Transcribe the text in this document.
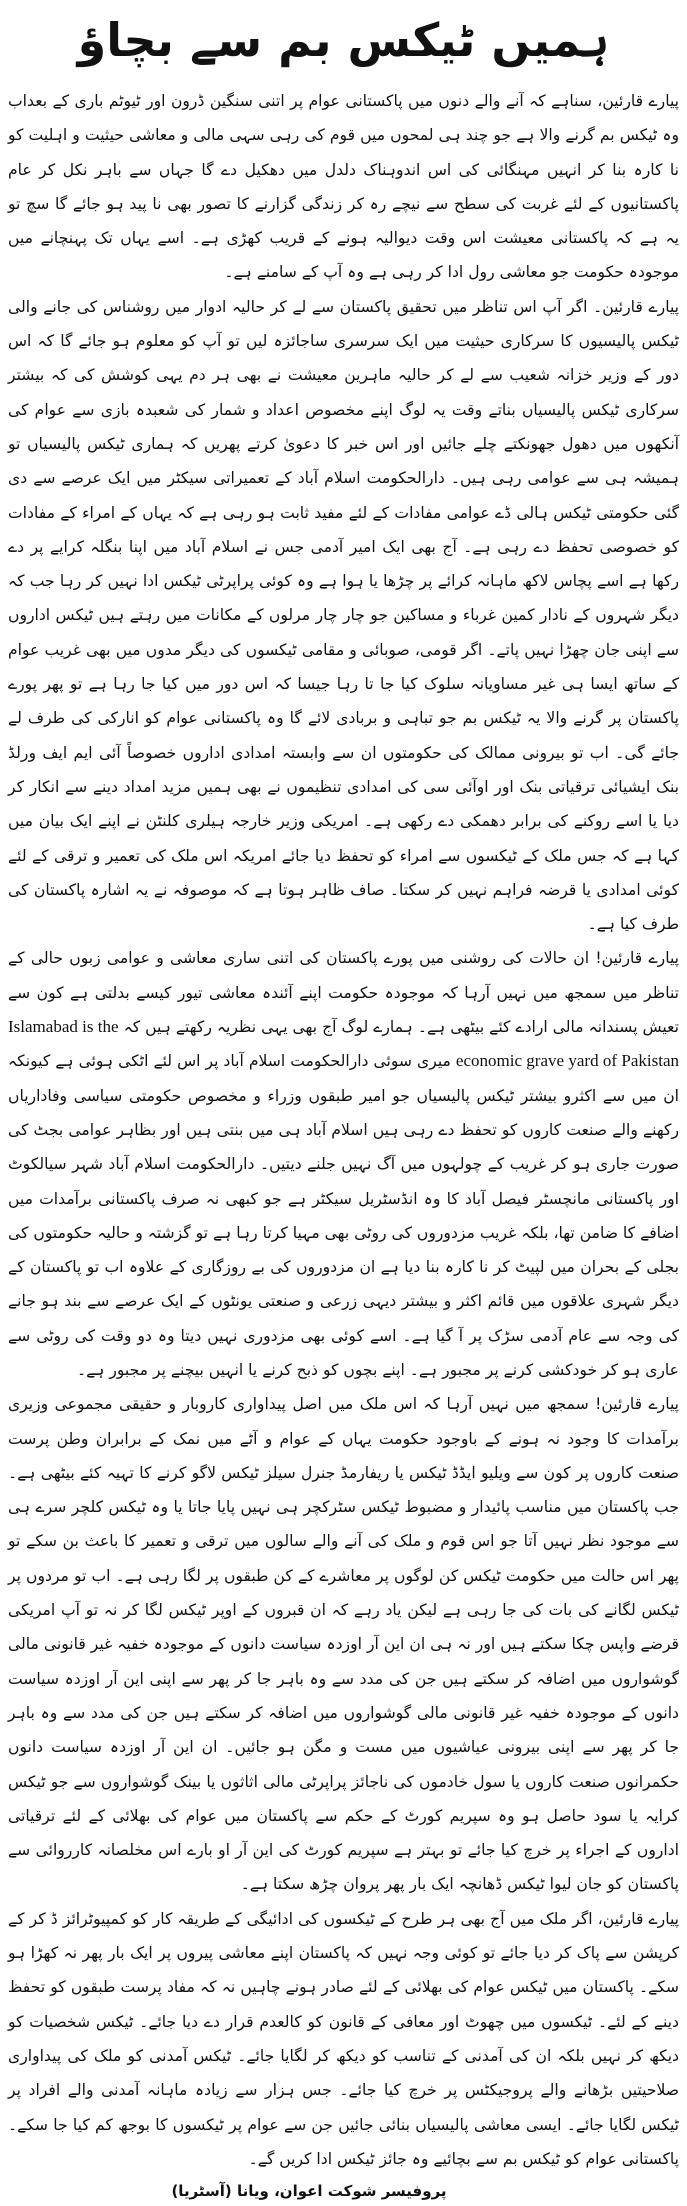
ہمیں ٹیکس بم سے بچاؤ

پیارے قارئین، سناہے کہ آنے والے دنوں میں پاکستانی عوام پر اتنی سنگین ڈرون اور ٹیوٹم باری کے بعداب وہ ٹیکس بم گرنے والا ہے جو چند ہی لمحوں میں قوم کی رہی سہی مالی و معاشی حیثیت و اہلیت کو نا کارہ بنا کر انہیں مہنگائی کی اس اندوہناک دلدل میں دھکیل دے گا جہاں سے باہر نکل کر عام پاکستانیوں کے لئے غربت کی سطح سے نیچے رہ کر زندگی گزارنے کا تصور بھی نا پید ہو جائے گا سچ تو یہ ہے کہ پاکستانی معیشت اس وقت دیوالیہ ہونے کے قریب کھڑی ہے۔ اسے یہاں تک پہنچانے میں موجودہ حکومت جو معاشی رول ادا کر رہی ہے وہ آپ کے سامنے ہے۔

پیارے قارئین۔ اگر آپ اس تناظر میں تحقیق پاکستان سے لے کر حالیہ ادوار میں روشناس کی جانے والی ٹیکس پالیسیوں کا سرکاری حیثیت میں ایک سرسری ساجائزہ لیں تو آپ کو معلوم ہو جائے گا کہ اس دور کے وزیر خزانہ شعیب سے لے کر حالیہ ماہرین معیشت نے بھی ہر دم یہی کوشش کی کہ بیشتر سرکاری ٹیکس پالیسیاں بناتے وقت یہ لوگ اپنے مخصوص اعداد و شمار کی شعبدہ بازی سے عوام کی آنکھوں میں دھول جھونکتے چلے جائیں اور اس خبر کا دعویٰ کرتے پھریں کہ ہماری ٹیکس پالیسیاں تو ہمیشہ ہی سے عوامی رہی ہیں۔ دارالحکومت اسلام آباد کے تعمیراتی سیکٹر میں ایک عرصے سے دی گئی حکومتی ٹیکس ہالی ڈے عوامی مفادات کے لئے مفید ثابت ہو رہی ہے کہ یہاں کے امراء کے مفادات کو خصوصی تحفظ دے رہی ہے۔ آج بھی ایک امیر آدمی جس نے اسلام آباد میں اپنا بنگلہ کرایے پر دے رکھا ہے اسے پچاس لاکھ ماہانہ کرائے پر چڑھا یا ہوا ہے وہ کوئی پراپرٹی ٹیکس ادا نہیں کر رہا جب کہ دیگر شہروں کے نادار کمین غرباء و مساکین جو چار چار مرلوں کے مکانات میں رہتے ہیں ٹیکس اداروں سے اپنی جان چھڑا نہیں پاتے۔ اگر قومی، صوبائی و مقامی ٹیکسوں کی دیگر مدوں میں بھی غریب عوام کے ساتھ ایسا ہی غیر مساویانہ سلوک کیا جا تا رہا جیسا کہ اس دور میں کیا جا رہا ہے تو پھر پورے پاکستان پر گرنے والا یہ ٹیکس بم جو تباہی و بربادی لائے گا وہ پاکستانی عوام کو انارکی کی طرف لے جائے گی۔ اب تو بیرونی ممالک کی حکومتوں ان سے وابستہ امدادی اداروں خصوصاً آئی ایم ایف ورلڈ بنک ایشیائی ترقیاتی بنک اور اوآئی سی کی امدادی تنظیموں نے بھی ہمیں مزید امداد دینے سے انکار کر دیا یا اسے روکنے کی برابر دھمکی دے رکھی ہے۔ امریکی وزیر خارجہ ہیلری کلنٹن نے اپنے ایک بیان میں کہا ہے کہ جس ملک کے ٹیکسوں سے امراء کو تحفظ دیا جائے امریکہ اس ملک کی تعمیر و ترقی کے لئے کوئی امدادی یا قرضہ فراہم نہیں کر سکتا۔ صاف ظاہر ہوتا ہے کہ موصوفہ نے یہ اشارہ پاکستان کی طرف کیا ہے۔

پیارے قارئین! ان حالات کی روشنی میں پورے پاکستان کی اتنی ساری معاشی و عوامی زبوں حالی کے تناظر میں سمجھ میں نہیں آرہا کہ موجودہ حکومت اپنے آئندہ معاشی تیور کیسے بدلتی ہے کون سے تعیش پسندانہ مالی ارادے کئے بیٹھی ہے۔ ہمارے لوگ آج بھی یہی نظریہ رکھتے ہیں کہ Islamabad is the economic grave yard of Pakistan میری سوئی دارالحکومت اسلام آباد پر اس لئے اٹکی ہوئی ہے کیونکہ ان میں سے اکثرو بیشتر ٹیکس پالیسیاں جو امیر طبقوں وزراء و مخصوص حکومتی سیاسی وفاداریاں رکھنے والے صنعت کاروں کو تحفظ دے رہی ہیں اسلام آباد ہی میں بنتی ہیں اور بظاہر عوامی بجٹ کی صورت جاری ہو کر غریب کے چولہوں میں آگ نہیں جلنے دیتیں۔ دارالحکومت اسلام آباد شہر سیالکوٹ اور پاکستانی مانچسٹر فیصل آباد کا وہ انڈسٹریل سیکٹر ہے جو کبھی نہ صرف پاکستانی برآمدات میں اضافے کا ضامن تھا، بلکہ غریب مزدوروں کی روٹی بھی مہیا کرتا رہا ہے تو گزشتہ و حالیہ حکومتوں کی بجلی کے بحران میں لپیٹ کر نا کارہ بنا دیا ہے ان مزدوروں کی بے روزگاری کے علاوہ اب تو پاکستان کے دیگر شہری علاقوں میں قائم اکثر و بیشتر دیہی زرعی و صنعتی یونٹوں کے ایک عرصے سے بند ہو جانے کی وجہ سے عام آدمی سڑک پر آ گیا ہے۔ اسے کوئی بھی مزدوری نہیں دیتا وہ دو وقت کی روٹی سے عاری ہو کر خودکشی کرنے پر مجبور ہے۔ اپنے بچوں کو ذبح کرنے یا انہیں بیچنے پر مجبور ہے۔

پیارے قارئین! سمجھ میں نہیں آرہا کہ اس ملک میں اصل پیداواری کاروبار و حقیقی مجموعی وزیری برآمدات کا وجود نہ ہونے کے باوجود حکومت یہاں کے عوام و آٹے میں نمک کے برابران وطن پرست صنعت کاروں پر کون سے ویلیو ایڈڈ ٹیکس یا ریفارمڈ جنرل سیلز ٹیکس لاگو کرنے کا تہیہ کئے بیٹھی ہے۔ جب پاکستان میں مناسب پائیدار و مضبوط ٹیکس سٹرکچر ہی نہیں پایا جاتا یا وہ ٹیکس کلچر سرے ہی سے موجود نظر نہیں آتا جو اس قوم و ملک کی آنے والے سالوں میں ترقی و تعمیر کا باعث بن سکے تو پھر اس حالت میں حکومت ٹیکس کن لوگوں پر معاشرے کے کن طبقوں پر لگا رہی ہے۔ اب تو مردوں پر ٹیکس لگانے کی بات کی جا رہی ہے لیکن یاد رہے کہ ان قبروں کے اوپر ٹیکس لگا کر نہ تو آپ امریکی قرضے واپس چکا سکتے ہیں اور نہ ہی ان این آر اوزدہ سیاست دانوں کے موجودہ خفیہ غیر قانونی مالی گوشواروں میں اضافہ کر سکتے ہیں جن کی مدد سے وہ باہر جا کر پھر سے اپنی این آر اوزدہ سیاست دانوں کے موجودہ خفیہ غیر قانونی مالی گوشواروں میں اضافہ کر سکتے ہیں جن کی مدد سے وہ باہر جا کر پھر سے اپنی بیرونی عیاشیوں میں مست و مگن ہو جائیں۔ ان این آر اوزدہ سیاست دانوں حکمرانوں صنعت کاروں یا سول خادموں کی ناجائز پراپرٹی مالی اثاثوں یا بینک گوشواروں سے جو ٹیکس کرایہ یا سود حاصل ہو وہ سپریم کورٹ کے حکم سے پاکستان میں عوام کی بھلائی کے لئے ترقیاتی اداروں کے اجراء پر خرچ کیا جائے تو بہتر ہے سپریم کورٹ کی این آر او بارے اس مخلصانہ کارروائی سے پاکستان کو جان لیوا ٹیکس ڈھانچہ ایک بار پھر پروان چڑھ سکتا ہے۔

پیارے قارئین، اگر ملک میں آج بھی ہر طرح کے ٹیکسوں کی ادائیگی کے طریقہ کار کو کمپیوٹرائز ڈ کر کے کرپشن سے پاک کر دیا جائے تو کوئی وجہ نہیں کہ پاکستان اپنے معاشی پیروں پر ایک بار پھر نہ کھڑا ہو سکے۔ پاکستان میں ٹیکس عوام کی بھلائی کے لئے صادر ہونے چاہیں نہ کہ مفاد پرست طبقوں کو تحفظ دینے کے لئے۔ ٹیکسوں میں چھوٹ اور معافی کے قانون کو کالعدم قرار دے دیا جائے۔ ٹیکس شخصیات کو دیکھ کر نہیں بلکہ ان کی آمدنی کے تناسب کو دیکھ کر لگایا جائے۔ ٹیکس آمدنی کو ملک کی پیداواری صلاحیتیں بڑھانے والے پروجیکٹس پر خرچ کیا جائے۔ جس ہزار سے زیادہ ماہانہ آمدنی والے افراد پر ٹیکس لگایا جائے۔ ایسی معاشی پالیسیاں بنائی جائیں جن سے عوام پر ٹیکسوں کا بوجھ کم کیا جا سکے۔ پاکستانی عوام کو ٹیکس بم سے بچائیے وہ جائز ٹیکس ادا کریں گے۔

پروفیسر شوکت اعوان، ویانا (آسٹریا)
